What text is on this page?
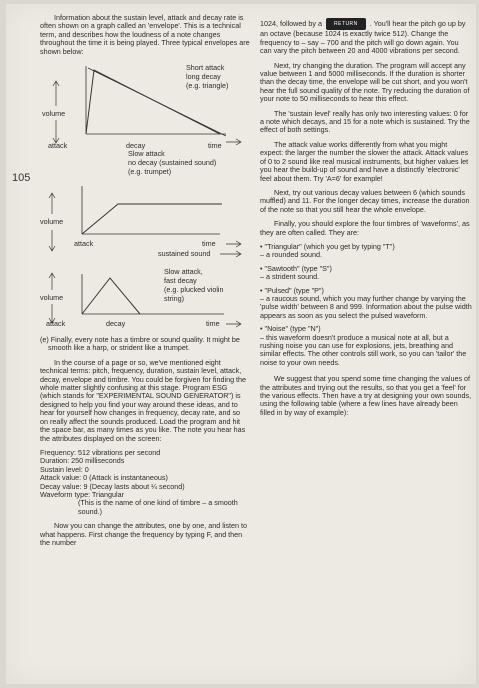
105

Information about the sustain level, attack and decay rate is often shown on a graph called an 'envelope'. This is a technical term, and describes how the loudness of a note changes throughout the time it is being played. Three typical envelopes are shown below:

volume
attack	decay	time
Short attack
long decay
(e.g. triangle)
Slow attack
no decay (sustained sound)
(e.g. trumpet)
volume
attack	time
sustained sound
Slow attack,
fast decay
(e.g. plucked violin
string)
volume
attack	decay	time

(e) Finally, every note has a timbre or sound quality. It might be smooth like a harp, or strident like a trumpet.

In the course of a page or so, we've mentioned eight technical terms: pitch, frequency, duration, sustain level, attack, decay, envelope and timbre. You could be forgiven for finding the whole matter slightly confusing at this stage. Program ESG (which stands for "EXPERIMENTAL SOUND GENERATOR") is designed to help you find your way around these ideas, and to hear for yourself how changes in frequency, decay rate, and so on really affect the sounds produced. Load the program and hit the space bar, as many times as you like. The note you hear has the attributes displayed on the screen:

Frequency: 512 vibrations per second

Duration: 250 milliseconds

Sustain level: 0

Attack value: 0 (Attack is instantaneous)

Decay value: 9 (Decay lasts about ¼ second)

Waveform type: Triangular

(This is the name of one kind of timbre – a smooth sound.)

Now you can change the attributes, one by one, and listen to what happens. First change the frequency by typing F, and then the number

1024, followed by a RETURN . You'll hear the pitch go up by an octave (because 1024 is exactly twice 512). Change the frequency to – say – 700 and the pitch will go down again. You can vary the pitch between 20 and 4000 vibrations per second.

Next, try changing the duration. The program will accept any value between 1 and 5000 milliseconds. If the duration is shorter than the decay time, the envelope will be cut short, and you won't hear the full sound quality of the note. Try reducing the duration of your note to 50 milliseconds to hear this effect.

The 'sustain level' really has only two interesting values: 0 for a note which decays, and 15 for a note which is sustained. Try the effect of both settings.

The attack value works differently from what you might expect: the larger the number the slower the attack. Attack values of 0 to 2 sound like real musical instruments, but higher values let you hear the build-up of sound and have a distinctly 'electronic' feel about them. Try 'A=6' for example!

Next, try out various decay values between 6 (which sounds muffled) and 11. For the longer decay times, increase the duration of the note so that you still hear the whole envelope.

Finally, you should explore the four timbres of 'waveforms', as they are often called. They are:

• "Triangular" (which you get by typing "T")
– a rounded sound.
• "Sawtooth" (type "S")
– a strident sound.
• "Pulsed" (type "P")
– a raucous sound, which you may further change by varying the 'pulse width' between 8 and 999. Information about the pulse width appears as soon as you select the pulsed waveform.
• "Noise" (type "N")
– this waveform doesn't produce a musical note at all, but a rushing noise you can use for explosions, jets, breathing and similar effects. The other controls still work, so you can 'tailor' the noise to your own needs.

We suggest that you spend some time changing the values of the attributes and trying out the results, so that you get a 'feel' for the various effects. Then have a try at designing your own sounds, using the following table (where a few lines have already been filled in by way of example):
